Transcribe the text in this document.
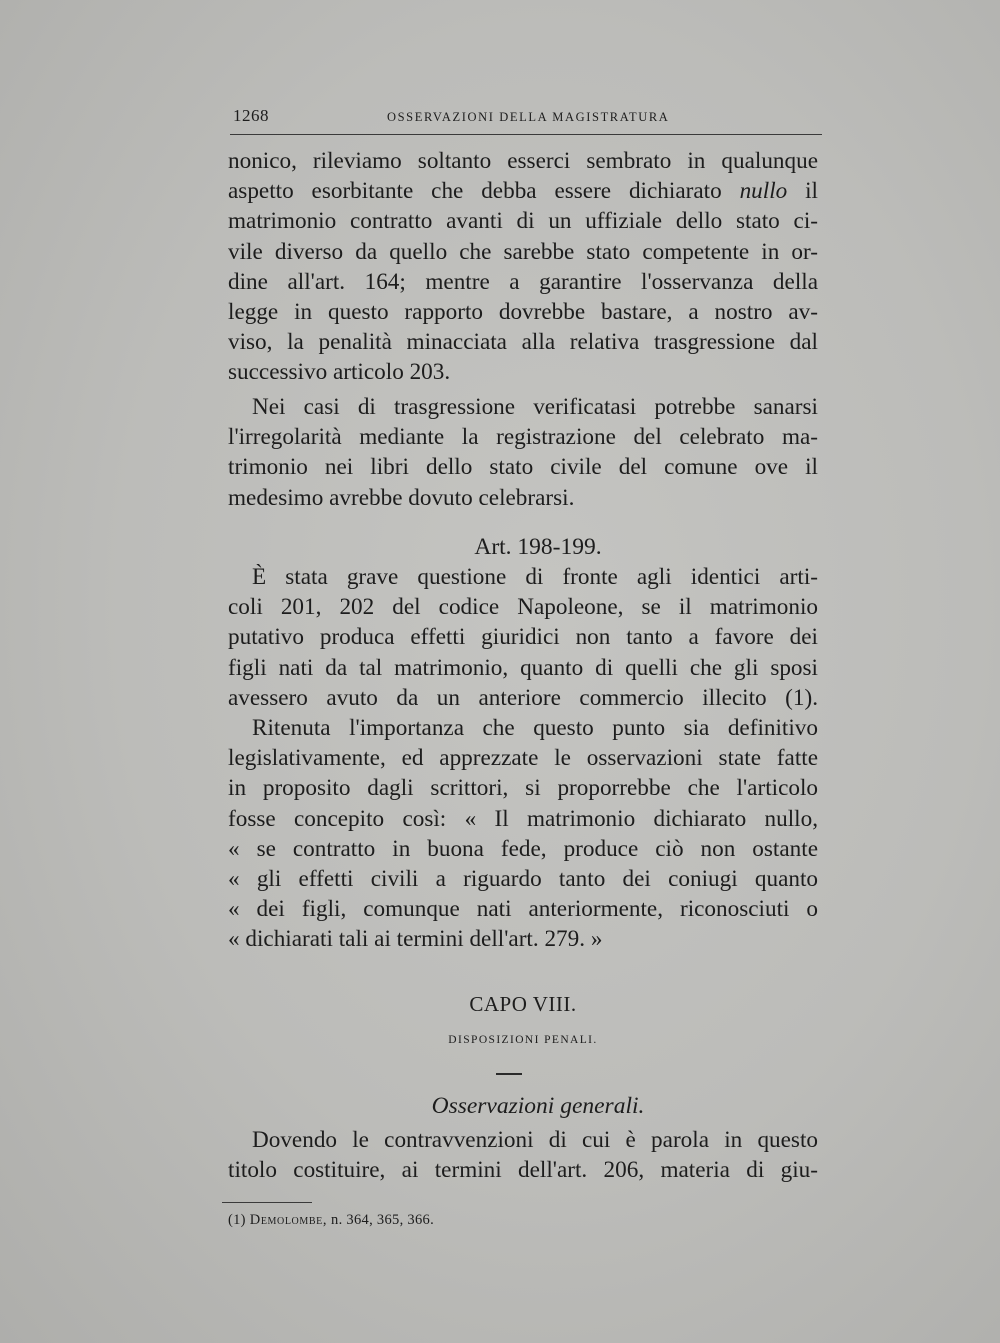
1268	OSSERVAZIONI DELLA MAGISTRATURA
nonico, rileviamo soltanto esserci sembrato in qualunque
aspetto esorbitante che debba essere dichiarato nullo il
matrimonio contratto avanti di un uffiziale dello stato ci-
vile diverso da quello che sarebbe stato competente in or-
dine all'art. 164; mentre a garantire l'osservanza della
legge in questo rapporto dovrebbe bastare, a nostro av-
viso, la penalità minacciata alla relativa trasgressione dal
successivo articolo 203.
Nei casi di trasgressione verificatasi potrebbe sanarsi
l'irregolarità mediante la registrazione del celebrato ma-
trimonio nei libri dello stato civile del comune ove il
medesimo avrebbe dovuto celebrarsi.
Art. 198-199.
È stata grave questione di fronte agli identici arti-
coli 201, 202 del codice Napoleone, se il matrimonio
putativo produca effetti giuridici non tanto a favore dei
figli nati da tal matrimonio, quanto di quelli che gli sposi
avessero avuto da un anteriore commercio illecito (1).
Ritenuta l'importanza che questo punto sia definitivo
legislativamente, ed apprezzate le osservazioni state fatte
in proposito dagli scrittori, si proporrebbe che l'articolo
fosse concepito così: « Il matrimonio dichiarato nullo,
« se contratto in buona fede, produce ciò non ostante
« gli effetti civili a riguardo tanto dei coniugi quanto
« dei figli, comunque nati anteriormente, riconosciuti o
« dichiarati tali ai termini dell'art. 279. »
CAPO VIII.
DISPOSIZIONI PENALI.
Osservazioni generali.
Dovendo le contravvenzioni di cui è parola in questo
titolo costituire, ai termini dell'art. 206, materia di giu-
(1) Demolombe, n. 364, 365, 366.
